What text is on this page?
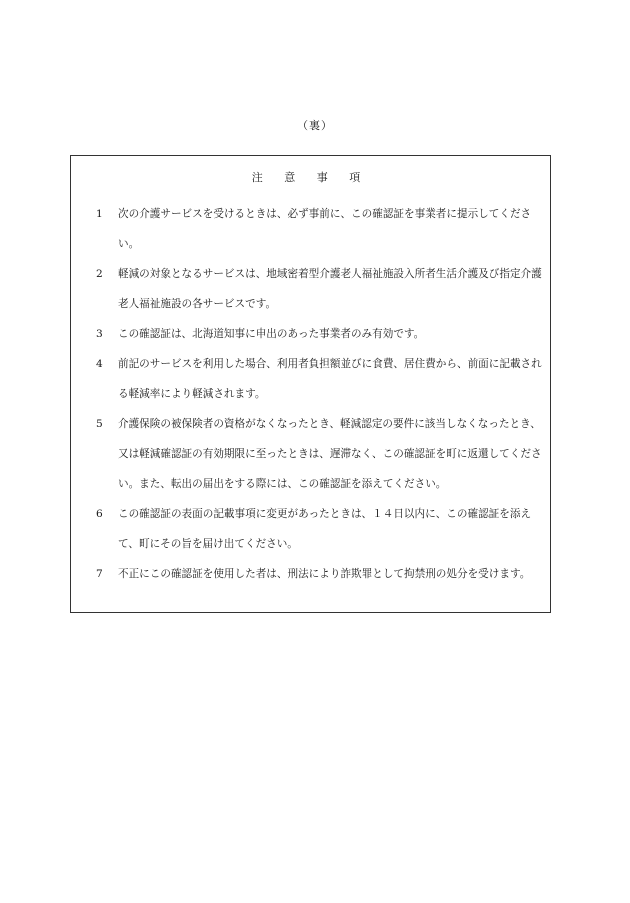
（裏）
注 意 事 項
1	次の介護サービスを受けるときは、必ず事前に、この確認証を事業者に提示してください。
2	軽減の対象となるサービスは、地域密着型介護老人福祉施設入所者生活介護及び指定介護老人福祉施設の各サービスです。
3	この確認証は、北海道知事に申出のあった事業者のみ有効です。
4	前記のサービスを利用した場合、利用者負担額並びに食費、居住費から、前面に記載される軽減率により軽減されます。
5	介護保険の被保険者の資格がなくなったとき、軽減認定の要件に該当しなくなったとき、又は軽減確認証の有効期限に至ったときは、遅滞なく、この確認証を町に返還してください。また、転出の届出をする際には、この確認証を添えてください。
6	この確認証の表面の記載事項に変更があったときは、１４日以内に、この確認証を添えて、町にその旨を届け出てください。
7	不正にこの確認証を使用した者は、刑法により詐欺罪として拘禁刑の処分を受けます。
